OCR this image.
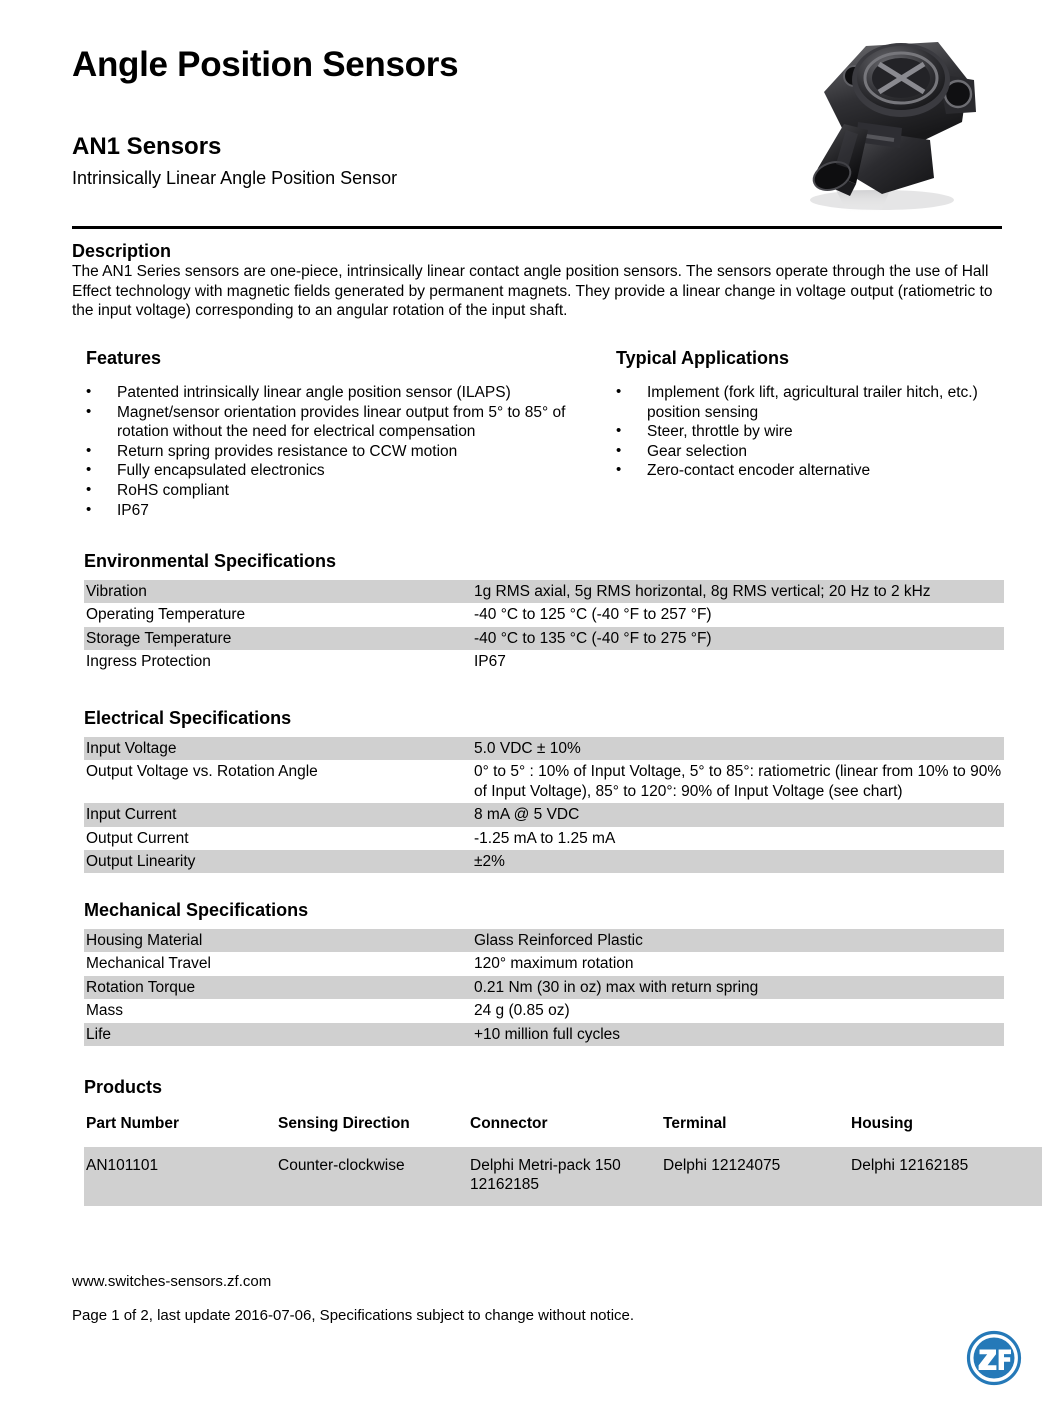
Angle Position Sensors
AN1 Sensors
Intrinsically Linear Angle Position Sensor
Description
The AN1 Series sensors are one-piece, intrinsically linear contact angle position sensors. The sensors operate through the use of Hall Effect technology with magnetic fields generated by permanent magnets. They provide a linear change in voltage output (ratiometric to the input voltage) corresponding to an angular rotation of the input shaft.
Features
• Patented intrinsically linear angle position sensor (ILAPS)
• Magnet/sensor orientation provides linear output from 5° to 85° of rotation without the need for electrical compensation
• Return spring provides resistance to CCW motion
• Fully encapsulated electronics
• RoHS compliant
• IP67
Typical Applications
• Implement (fork lift, agricultural trailer hitch, etc.) position sensing
• Steer, throttle by wire
• Gear selection
• Zero-contact encoder alternative
Environmental Specifications
Vibration	1g RMS axial, 5g RMS horizontal, 8g RMS vertical; 20 Hz to 2 kHz
Operating Temperature	-40 °C to 125 °C (-40 °F to 257 °F)
Storage Temperature	-40 °C to 135 °C (-40 °F to 275 °F)
Ingress Protection	IP67
Electrical Specifications
Input Voltage	5.0 VDC ± 10%
Output Voltage vs. Rotation Angle	0° to 5° : 10% of Input Voltage, 5° to 85°: ratiometric (linear from 10% to 90% of Input Voltage), 85° to 120°: 90% of Input Voltage (see chart)
Input Current	8 mA @ 5 VDC
Output Current	-1.25 mA to 1.25 mA
Output Linearity	±2%
Mechanical Specifications
Housing Material	Glass Reinforced Plastic
Mechanical Travel	120° maximum rotation
Rotation Torque	0.21 Nm (30 in oz) max with return spring
Mass	24 g (0.85 oz)
Life	+10 million full cycles
Products
Part Number	Sensing Direction	Connector	Terminal	Housing
AN101101	Counter-clockwise	Delphi Metri-pack 150 12162185	Delphi 12124075	Delphi 12162185
www.switches-sensors.zf.com
Page 1 of 2, last update 2016-07-06, Specifications subject to change without notice.
